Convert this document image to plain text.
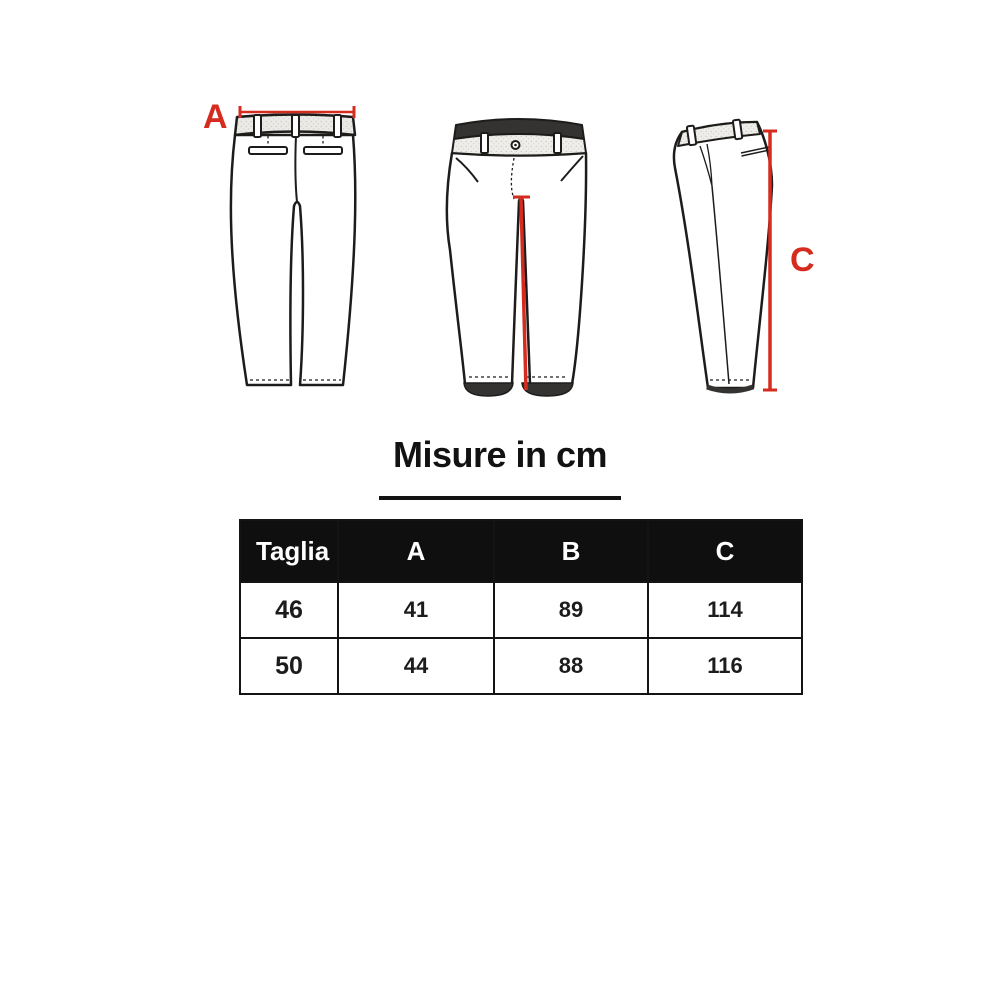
A
C
Misure in cm
Taglia	A	B	C
46	41	89	114
50	44	88	116
